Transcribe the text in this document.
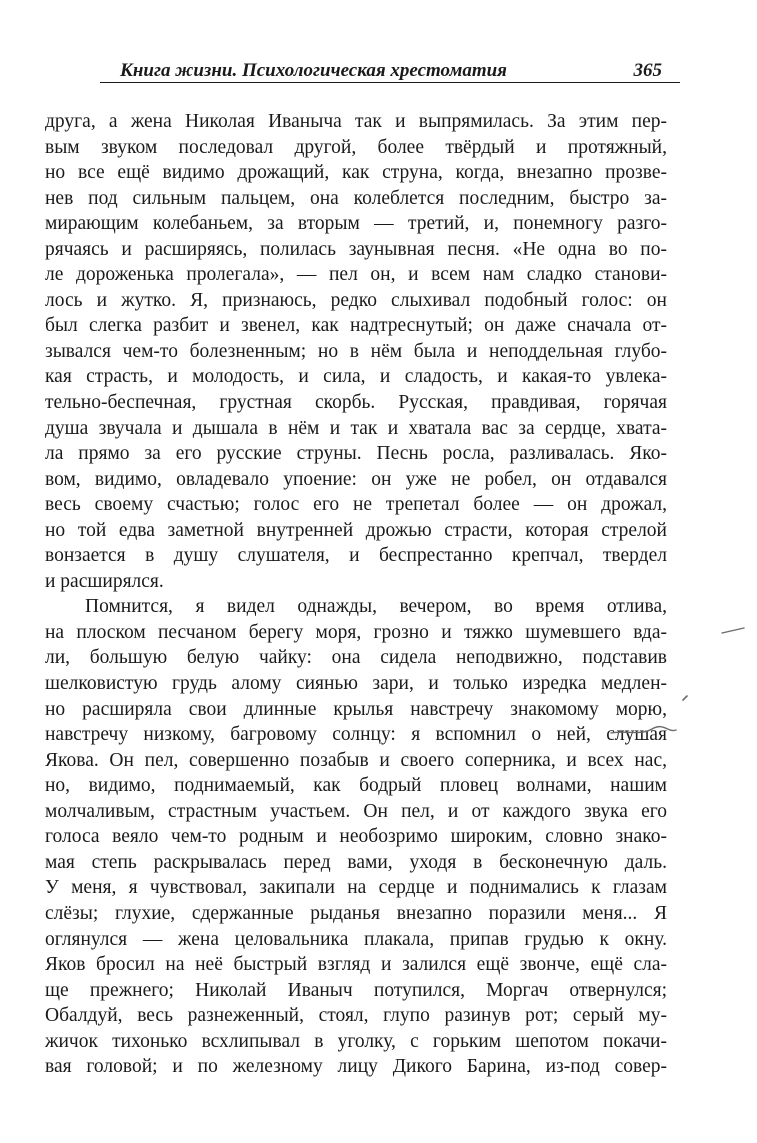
Книга жизни. Психологическая хрестоматия	365
друга, а жена Николая Иваныча так и выпрямилась. За этим пер-
вым звуком последовал другой, более твёрдый и протяжный,
но все ещё видимо дрожащий, как струна, когда, внезапно прозве-
нев под сильным пальцем, она колеблется последним, быстро за-
мирающим колебаньем, за вторым — третий, и, понемногу разго-
рячаясь и расширяясь, полилась заунывная песня. «Не одна во по-
ле дороженька пролегала», — пел он, и всем нам сладко станови-
лось и жутко. Я, признаюсь, редко слыхивал подобный голос: он
был слегка разбит и звенел, как надтреснутый; он даже сначала от-
зывался чем-то болезненным; но в нём была и неподдельная глубо-
кая страсть, и молодость, и сила, и сладость, и какая-то увлека-
тельно-беспечная, грустная скорбь. Русская, правдивая, горячая
душа звучала и дышала в нём и так и хватала вас за сердце, хвата-
ла прямо за его русские струны. Песнь росла, разливалась. Яко-
вом, видимо, овладевало упоение: он уже не робел, он отдавался
весь своему счастью; голос его не трепетал более — он дрожал,
но той едва заметной внутренней дрожью страсти, которая стрелой
вонзается в душу слушателя, и беспрестанно крепчал, твердел
и расширялся.
Помнится, я видел однажды, вечером, во время отлива,
на плоском песчаном берегу моря, грозно и тяжко шумевшего вда-
ли, большую белую чайку: она сидела неподвижно, подставив
шелковистую грудь алому сиянью зари, и только изредка медлен-
но расширяла свои длинные крылья навстречу знакомому морю,
навстречу низкому, багровому солнцу: я вспомнил о ней, слушая
Якова. Он пел, совершенно позабыв и своего соперника, и всех нас,
но, видимо, поднимаемый, как бодрый пловец волнами, нашим
молчаливым, страстным участьем. Он пел, и от каждого звука его
голоса веяло чем-то родным и необозримо широким, словно знако-
мая степь раскрывалась перед вами, уходя в бесконечную даль.
У меня, я чувствовал, закипали на сердце и поднимались к глазам
слёзы; глухие, сдержанные рыданья внезапно поразили меня... Я
оглянулся — жена целовальника плакала, припав грудью к окну.
Яков бросил на неё быстрый взгляд и залился ещё звонче, ещё сла-
ще прежнего; Николай Иваныч потупился, Моргач отвернулся;
Обалдуй, весь разнеженный, стоял, глупо разинув рот; серый му-
жичок тихонько всхлипывал в уголку, с горьким шепотом покачи-
вая головой; и по железному лицу Дикого Барина, из-под совер-
